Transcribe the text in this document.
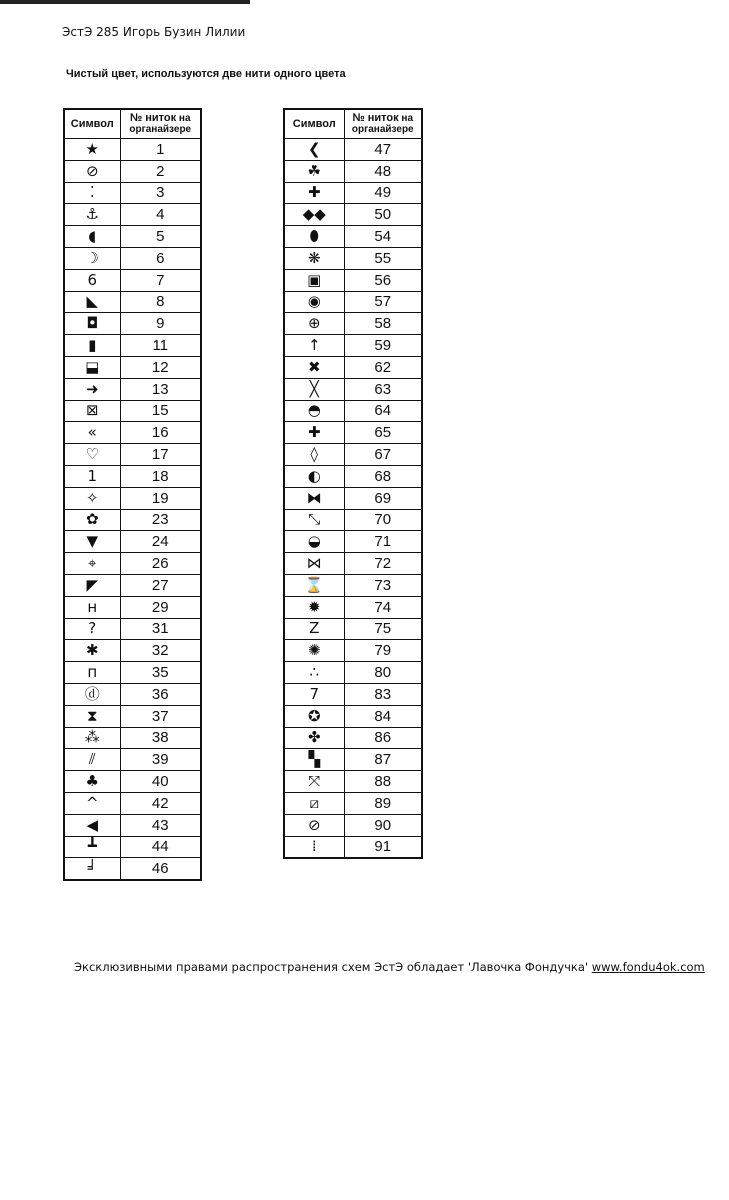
ЭстЭ 285 Игорь Бузин Лилии
Чистый цвет, используются две нити одного цвета
Символ	№ ниток на
органайзере
★	1
⊘	2
⁚	3
⚓	4
◖	5
☽	6
6	7
◣	8
◘	9
▮	11
⬓	12
➜	13
⊠	15
«	16
♡	17
1	18
✧	19
✿	23
▼	24
⌖	26
◤	27
н	29
?	31
✱	32
п	35
ⓓ	36
⧗	37
⁂	38
⫽	39
♣	40
^	42
◀	43
┻	44
╛	46
Символ	№ ниток на
органайзере
❮	47
☘	48
✚	49
◆◆	50
⬮	54
❋	55
▣	56
◉	57
⊕	58
↑	59
✖	62
╳	63
◓	64
✚	65
◊	67
◐	68
⧓	69
⤡	70
◒	71
⋈	72
⌛	73
✹	74
Z	75
✺	79
∴	80
7	83
✪	84
✤	86
▚	87
⤧	88
⧄	89
⊘	90
⁞	91
Эксклюзивными правами распространения схем ЭстЭ обладает 'Лавочка Фондучка' www.fondu4ok.com
